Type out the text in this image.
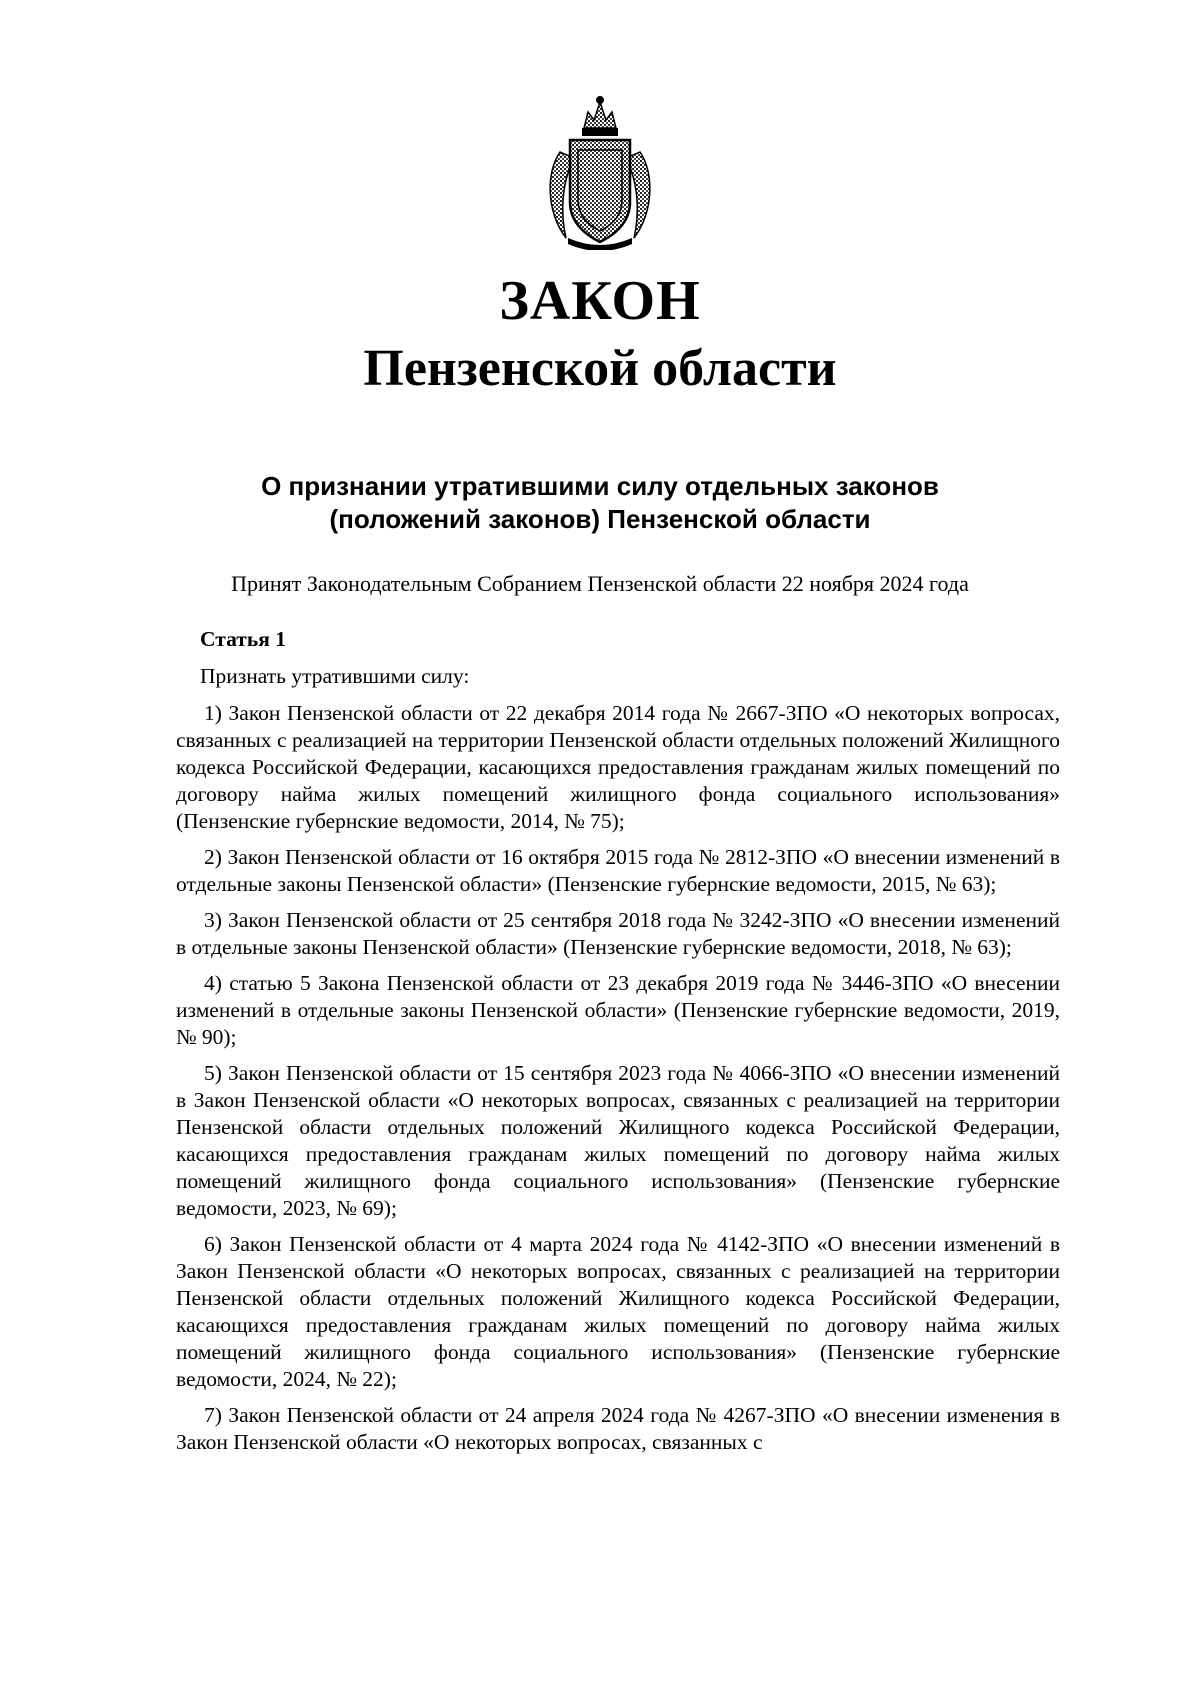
ЗАКОН
Пензенской области
О признании утратившими силу отдельных законов
(положений законов) Пензенской области
Принят Законодательным Собранием Пензенской области 22 ноября 2024 года
Статья 1
Признать утратившими силу:

1) Закон Пензенской области от 22 декабря 2014 года № 2667-ЗПО «О некоторых вопросах, связанных с реализацией на территории Пензенской области отдельных положений Жилищного кодекса Российской Федерации, касающихся предоставления гражданам жилых помещений по договору найма жилых помещений жилищного фонда социального использования» (Пензенские губернские ведомости, 2014, № 75);

2) Закон Пензенской области от 16 октября 2015 года № 2812-ЗПО «О внесении изменений в отдельные законы Пензенской области» (Пензенские губернские ведомости, 2015, № 63);

3) Закон Пензенской области от 25 сентября 2018 года № 3242-ЗПО «О внесении изменений в отдельные законы Пензенской области» (Пензенские губернские ведомости, 2018, № 63);

4) статью 5 Закона Пензенской области от 23 декабря 2019 года № 3446-ЗПО «О внесении изменений в отдельные законы Пензенской области» (Пензенские губернские ведомости, 2019, № 90);

5) Закон Пензенской области от 15 сентября 2023 года № 4066-ЗПО «О внесении изменений в Закон Пензенской области «О некоторых вопросах, связанных с реализацией на территории Пензенской области отдельных положений Жилищного кодекса Российской Федерации, касающихся предоставления гражданам жилых помещений по договору найма жилых помещений жилищного фонда социального использования» (Пензенские губернские ведомости, 2023, № 69);

6) Закон Пензенской области от 4 марта 2024 года № 4142-ЗПО «О внесении изменений в Закон Пензенской области «О некоторых вопросах, связанных с реализацией на территории Пензенской области отдельных положений Жилищного кодекса Российской Федерации, касающихся предоставления гражданам жилых помещений по договору найма жилых помещений жилищного фонда социального использования» (Пензенские губернские ведомости, 2024, № 22);

7) Закон Пензенской области от 24 апреля 2024 года № 4267-ЗПО «О внесении изменения в Закон Пензенской области «О некоторых вопросах, связанных с
